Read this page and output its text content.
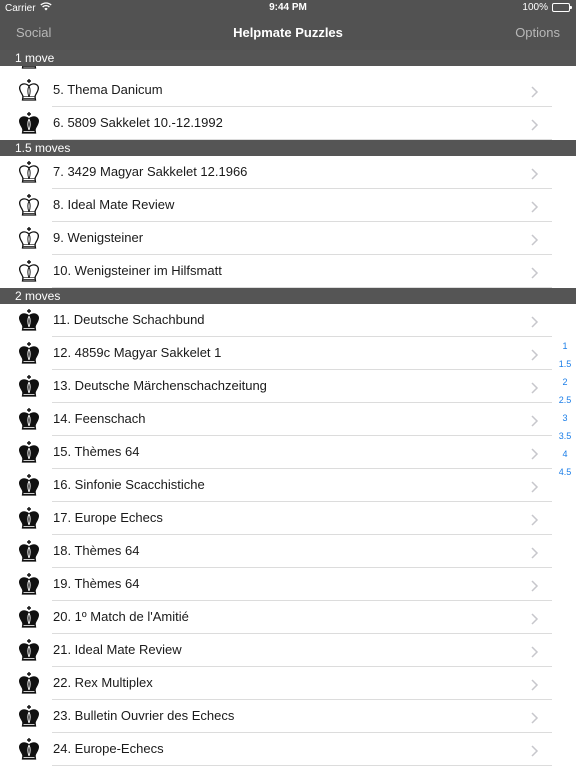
Carrier	9:44 PM	100%
Social	Helpmate Puzzles	Options
1 move
5. Thema Danicum
6. 5809 Sakkelet 10.-12.1992
1.5 moves
7. 3429 Magyar Sakkelet 12.1966
8. Ideal Mate Review
9. Wenigsteiner
10. Wenigsteiner im Hilfsmatt
2 moves
11. Deutsche Schachbund
12. 4859c Magyar Sakkelet 1
13. Deutsche Märchenschachzeitung
14. Feenschach
15. Thèmes 64
16. Sinfonie Scacchistiche
17. Europe Echecs
18. Thèmes 64
19. Thèmes 64
20. 1º Match de l'Amitié
21. Ideal Mate Review
22. Rex Multiplex
23. Bulletin Ouvrier des Echecs
24. Europe-Echecs
1
1.5
2
2.5
3
3.5
4
4.5
